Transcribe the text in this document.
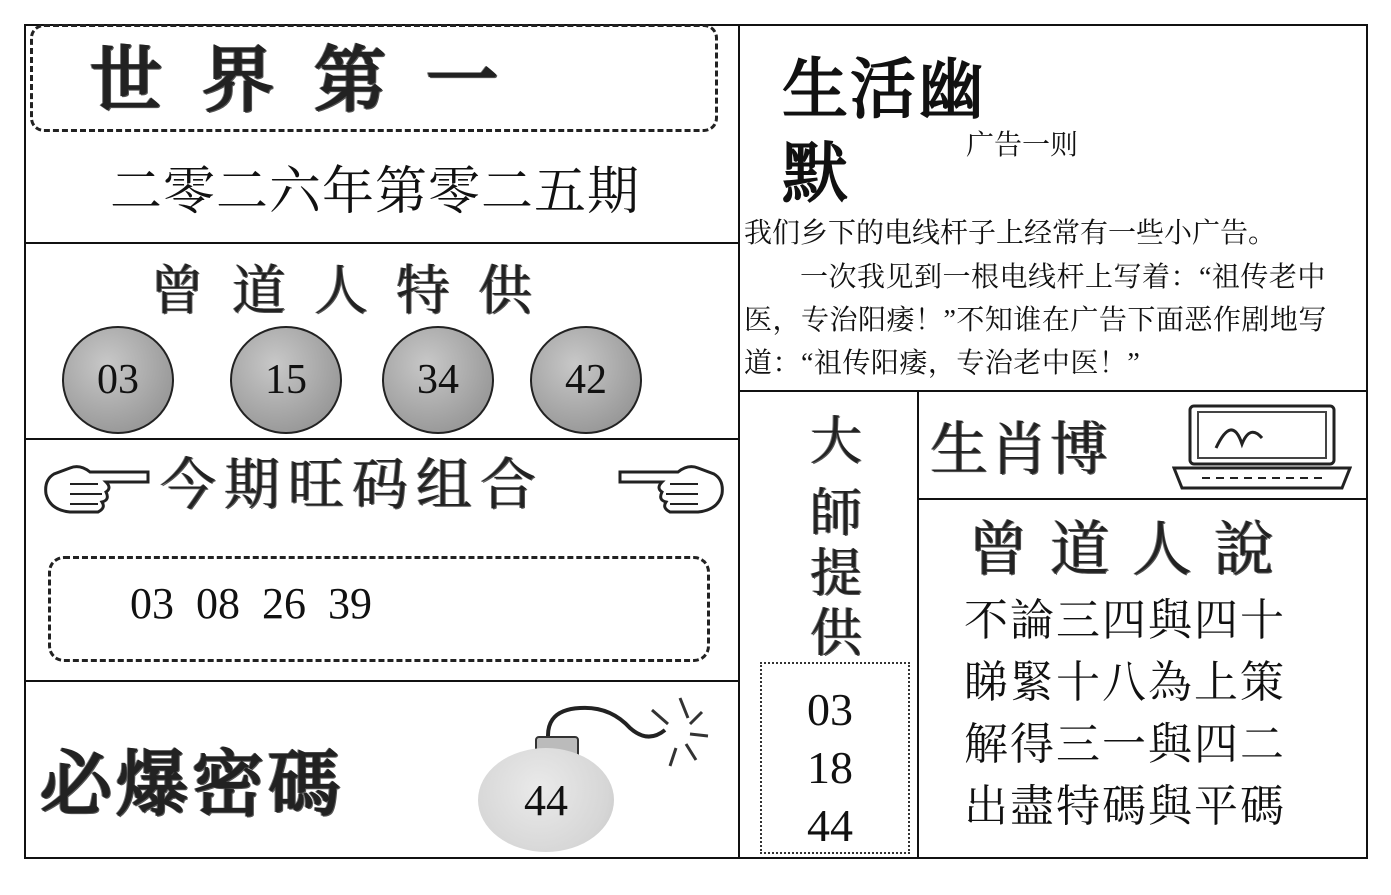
世界第一
二零二六年第零二五期
曾道人特供
03	15	34	42
今期旺码组合
03  08  26  39
必爆密碼	44
生活幽默	广告一则
我们乡下的电线杆子上经常有一些小广告。
一次我见到一根电线杆上写着：“祖传老中医，专治阳痿！”不知谁在广告下面恶作剧地写道：“祖传阳痿，专治老中医！”
大
師
提
供
03
18
44
生肖博
曾道人說
不論三四與四十
睇緊十八為上策
解得三一與四二
出盡特碼與平碼
